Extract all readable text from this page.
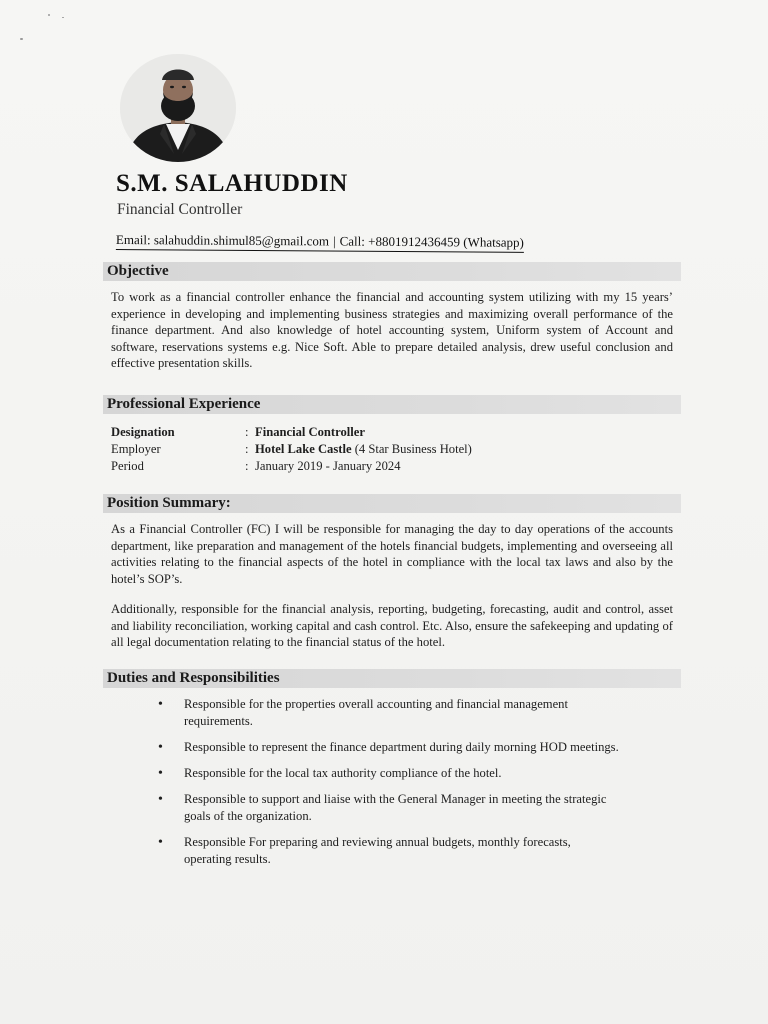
S.M. SALAHUDDIN
Financial Controller
Email: salahuddin.shimul85@gmail.com | Call: +8801912436459 (Whatsapp)
Objective
To work as a financial controller enhance the financial and accounting system utilizing with my 15 years’ experience in developing and implementing business strategies and maximizing overall performance of the finance department. And also knowledge of hotel accounting system, Uniform system of Account and software, reservations systems e.g. Nice Soft. Able to prepare detailed analysis, drew useful conclusion and effective presentation skills.
Professional Experience
Designation	: Financial Controller
Employer	: Hotel Lake Castle (4 Star Business Hotel)
Period	: January 2019 - January 2024
Position Summary:
As a Financial Controller (FC) I will be responsible for managing the day to day operations of the accounts department, like preparation and management of the hotels financial budgets, implementing and overseeing all activities relating to the financial aspects of the hotel in compliance with the local tax laws and also by the hotel’s SOP’s.
Additionally, responsible for the financial analysis, reporting, budgeting, forecasting, audit and control, asset and liability reconciliation, working capital and cash control. Etc. Also, ensure the safekeeping and updating of all legal documentation relating to the financial status of the hotel.
Duties and Responsibilities
• Responsible for the properties overall accounting and financial management requirements.
• Responsible to represent the finance department during daily morning HOD meetings.
• Responsible for the local tax authority compliance of the hotel.
• Responsible to support and liaise with the General Manager in meeting the strategic goals of the organization.
• Responsible For preparing and reviewing annual budgets, monthly forecasts, operating results.
